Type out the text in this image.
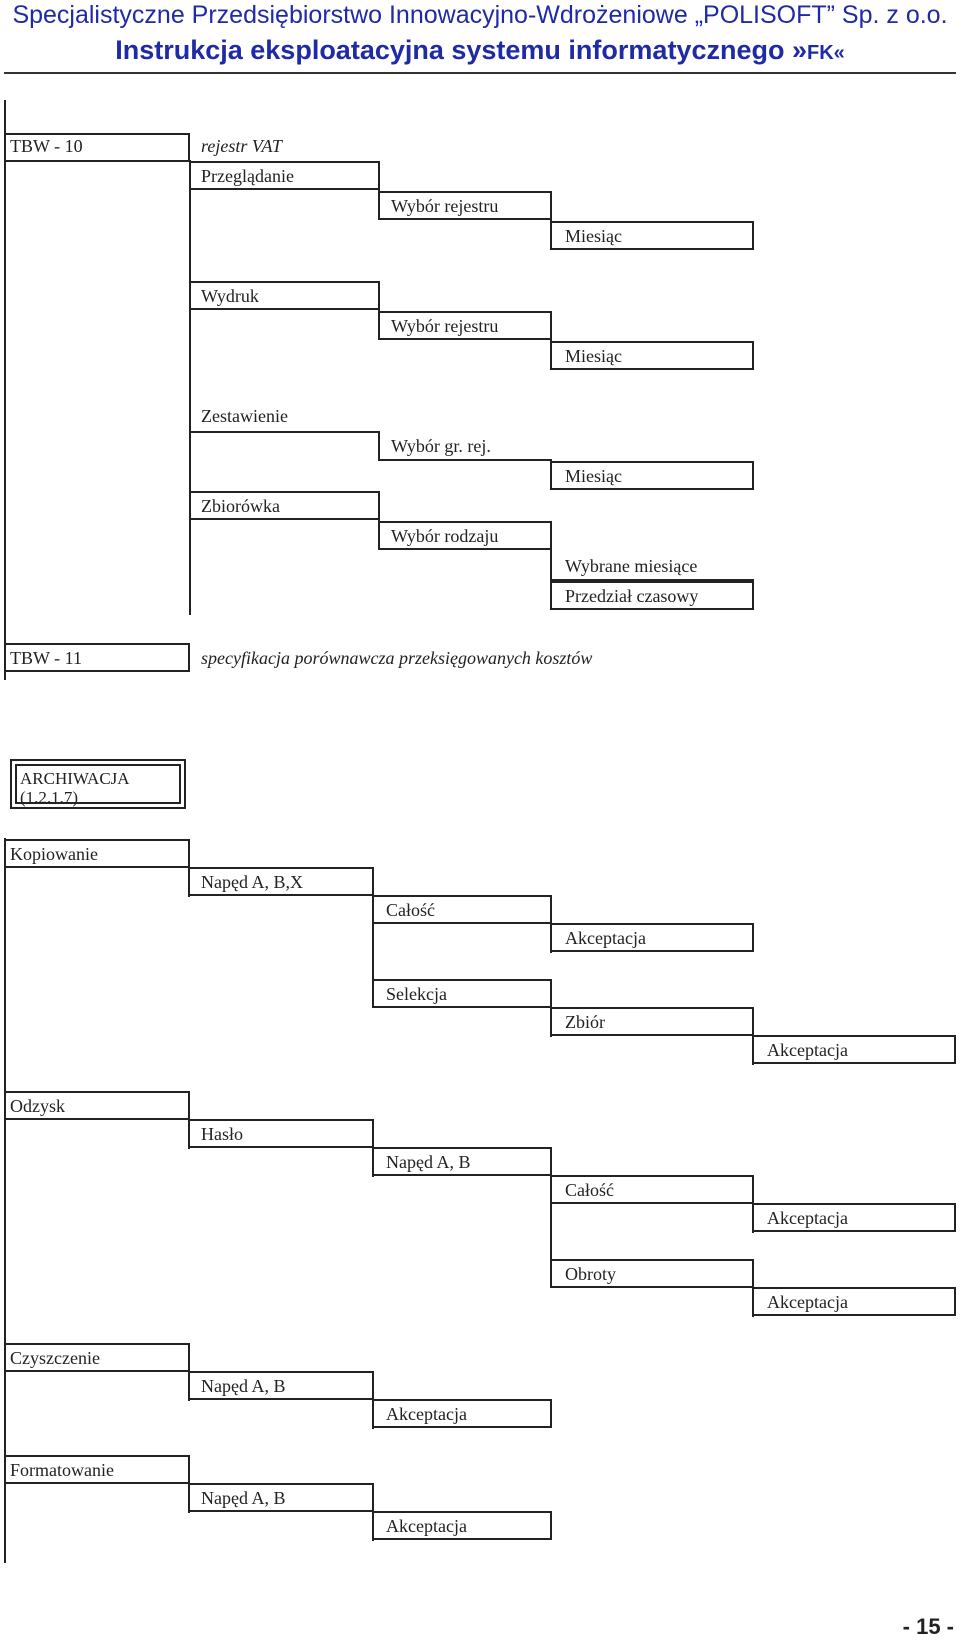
Specjalistyczne Przedsiębiorstwo Innowacyjno-Wdrożeniowe „POLISOFT” Sp. z o.o.
Instrukcja eksploatacyjna systemu informatycznego »FK«
TBW - 10	rejestr VAT
Przeglądanie
Wybór rejestru
Miesiąc
Wydruk
Wybór rejestru
Miesiąc
Zestawienie
Wybór gr. rej.
Miesiąc
Zbiorówka
Wybór rodzaju
Wybrane miesiące
Przedział czasowy
TBW - 11	specyfikacja porównawcza przeksięgowanych kosztów
ARCHIWACJA
(1.2.1.7)
Kopiowanie
Napęd A, B,X
Całość
Akceptacja
Selekcja
Zbiór
Akceptacja
Odzysk
Hasło
Napęd A, B
Całość
Akceptacja
Obroty
Akceptacja
Czyszczenie
Napęd A, B
Akceptacja
Formatowanie
Napęd A, B
Akceptacja
- 15 -
